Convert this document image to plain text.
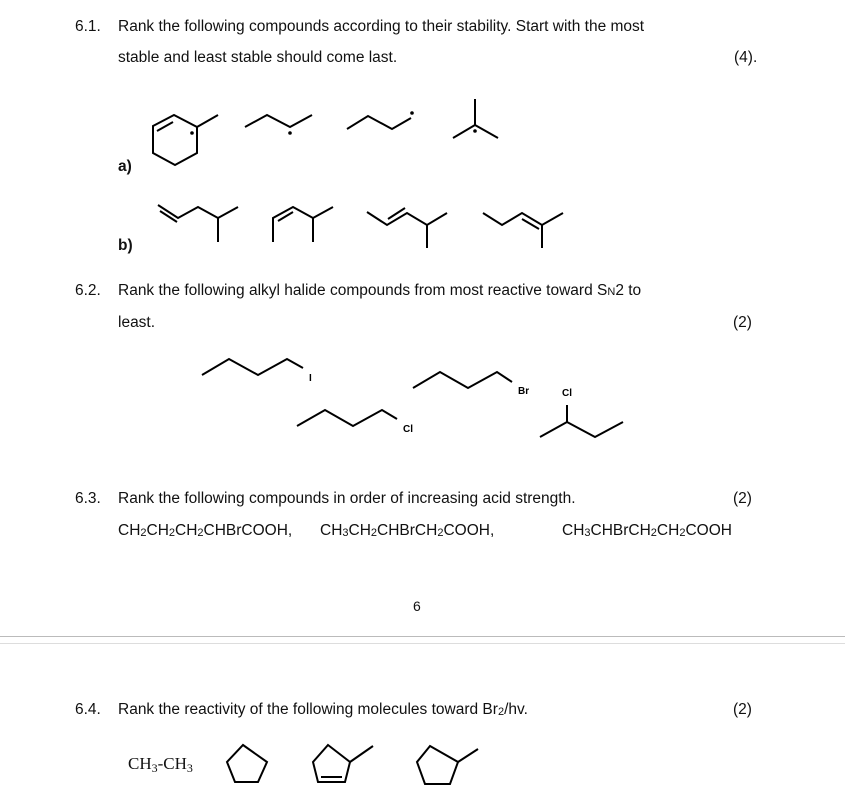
6.1. Rank the following compounds according to their stability. Start with the most
stable and least stable should come last.	(4).
a)
b)
6.2. Rank the following alkyl halide compounds from most reactive toward SN2 to
least.	(2)
6.3. Rank the following compounds in order of increasing acid strength.	(2)
$CH_2CH_2CH_2CHBrCOOH$, $CH_3CH_2CHBrCH_2COOH$,	$CH_3CHBrCH_2CH_2COOH$
6
6.4. Rank the reactivity of the following molecules toward $Br_2/hv$.	(2)
$CH_3-CH_3$
I
Br
Cl
Cl
